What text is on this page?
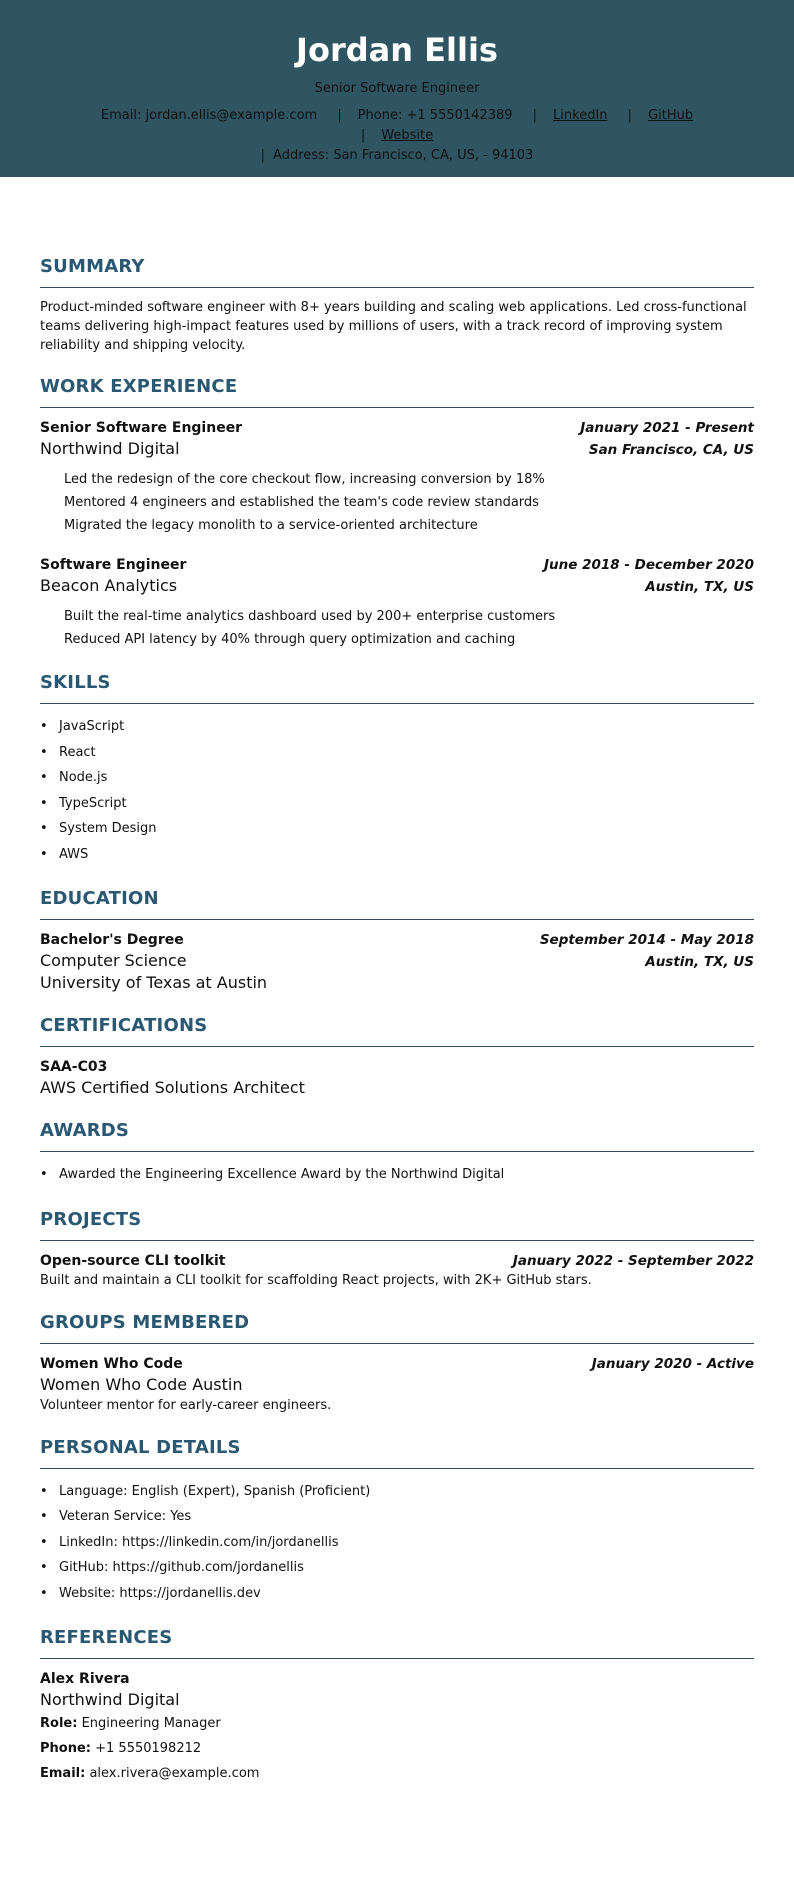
Jordan Ellis
Senior Software Engineer
Email: jordan.ellis@example.com | Phone: +1 5550142389 | LinkedIn | GitHub | Website
| Address: San Francisco, CA, US, - 94103
SUMMARY
Product-minded software engineer with 8+ years building and scaling web applications. Led cross-functional teams delivering high-impact features used by millions of users, with a track record of improving system reliability and shipping velocity.
WORK EXPERIENCE
Senior Software Engineer	January 2021 - Present
Northwind Digital	San Francisco, CA, US
Led the redesign of the core checkout flow, increasing conversion by 18%
Mentored 4 engineers and established the team's code review standards
Migrated the legacy monolith to a service-oriented architecture
Software Engineer	June 2018 - December 2020
Beacon Analytics	Austin, TX, US
Built the real-time analytics dashboard used by 200+ enterprise customers
Reduced API latency by 40% through query optimization and caching
SKILLS
• JavaScript
• React
• Node.js
• TypeScript
• System Design
• AWS
EDUCATION
Bachelor's Degree	September 2014 - May 2018
Computer Science	Austin, TX, US
University of Texas at Austin
CERTIFICATIONS
SAA-C03
AWS Certified Solutions Architect
AWARDS
• Awarded the Engineering Excellence Award by the Northwind Digital
PROJECTS
Open-source CLI toolkit	January 2022 - September 2022
Built and maintain a CLI toolkit for scaffolding React projects, with 2K+ GitHub stars.
GROUPS MEMBERED
Women Who Code	January 2020 - Active
Women Who Code Austin
Volunteer mentor for early-career engineers.
PERSONAL DETAILS
• Language: English (Expert), Spanish (Proficient)
• Veteran Service: Yes
• LinkedIn: https://linkedin.com/in/jordanellis
• GitHub: https://github.com/jordanellis
• Website: https://jordanellis.dev
REFERENCES
Alex Rivera
Northwind Digital
Role: Engineering Manager
Phone: +1 5550198212
Email: alex.rivera@example.com
